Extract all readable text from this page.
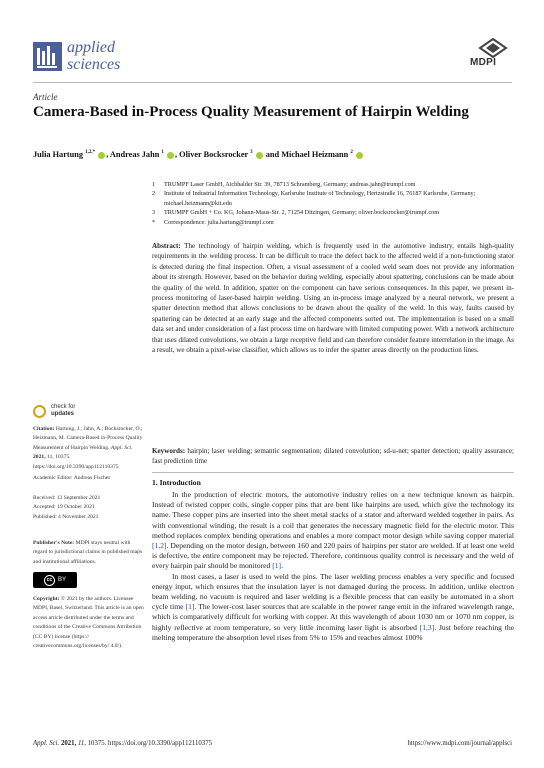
applied
sciences	MDPI
Article
Camera-Based in-Process Quality Measurement of Hairpin Welding
Julia Hartung $^{1,2,*}$ , Andreas Jahn $^1$ , Oliver Bocksrocker $^3$  and Michael Heizmann $^2$
1	TRUMPF Laser GmbH, Aichhalder Str. 39, 78713 Schramberg, Germany; andreas.jahn@trumpf.com
2	Institute of Industrial Information Technology, Karlsruhe Institute of Technology, Hertzstraße 16, 76187 Karlsruhe, Germany; michael.heizmann@kit.edu
3	TRUMPF GmbH + Co. KG, Johann-Maus-Str. 2, 71254 Ditzingen, Germany; oliver.bocksrocker@trumpf.com
*	Correspondence: julia.hartung@trumpf.com
Abstract: The technology of hairpin welding, which is frequently used in the automotive industry, entails high-quality requirements in the welding process. It can be difficult to trace the defect back to the affected weld if a non-functioning stator is detected during the final inspection. Often, a visual assessment of a cooled weld seam does not provide any information about its strength. However, based on the behavior during welding, especially about spattering, conclusions can be made about the quality of the weld. In addition, spatter on the component can have serious consequences. In this paper, we present in-process monitoring of laser-based hairpin welding. Using an in-process image analyzed by a neural network, we present a spatter detection method that allows conclusions to be drawn about the quality of the weld. In this way, faults caused by spattering can be detected at an early stage and the affected components sorted out. The implementation is based on a small data set and under consideration of a fast process time on hardware with limited computing power. With a network architecture that uses dilated convolutions, we obtain a large receptive field and can therefore consider feature interrelation in the image. As a result, we obtain a pixel-wise classifier, which allows us to infer the spatter areas directly on the production lines.
Keywords: hairpin; laser welding; semantic segmentation; dilated convolution; sd-u-net; spatter detection; quality assurance; fast prediction time
1. Introduction

In the production of electric motors, the automotive industry relies on a new technique known as hairpin. Instead of twisted copper coils, single copper pins that are bent like hairpins are used, which give the technology its name. These copper pins are inserted into the sheet metal stacks of a stator and afterward welded together in pairs. As with conventional winding, the result is a coil that generates the necessary magnetic field for the electric motor. This method replaces complex bending operations and enables a more compact motor design while saving copper material [1,2]. Depending on the motor design, between 160 and 220 pairs of hairpins per stator are welded. If at least one weld is defective, the entire component may be rejected. Therefore, continuous quality control is necessary and the weld of every hairpin pair should be monitored [1].

In most cases, a laser is used to weld the pins. The laser welding process enables a very specific and focused energy input, which ensures that the insulation layer is not damaged during the process. In addition, unlike electron beam welding, no vacuum is required and laser welding is a flexible process that can easily be automated in a short cycle time [1]. The lower-cost laser sources that are scalable in the power range emit in the infrared wavelength range, which is comparatively difficult for working with copper. At this wavelength of about 1030 nm or 1070 nm copper, is highly reflective at room temperature, so very little incoming laser light is absorbed [1,3]. Just before reaching the melting temperature the absorption level rises from 5% to 15% and reaches almost 100%

check for
updates
Citation: Hartung, J.; Jahn, A.; Bocksrocker, O.; Heizmann, M. Camera-Based in-Process Quality Measurement of Hairpin Welding. Appl. Sci. 2021, 11, 10375. https://doi.org/10.3390/app112110375
Academic Editor: Andreas Fischer
Received: 13 September 2021
Accepted: 19 October 2021
Published: 4 November 2021
Publisher's Note: MDPI stays neutral with regard to jurisdictional claims in published maps and institutional affiliations.
cc BY
Copyright: © 2021 by the authors. Licensee MDPI, Basel, Switzerland. This article is an open access article distributed under the terms and conditions of the Creative Commons Attribution (CC BY) license (https:// creativecommons.org/licenses/by/ 4.0/).
Appl. Sci. 2021, 11, 10375. https://doi.org/10.3390/app112110375	https://www.mdpi.com/journal/applsci
